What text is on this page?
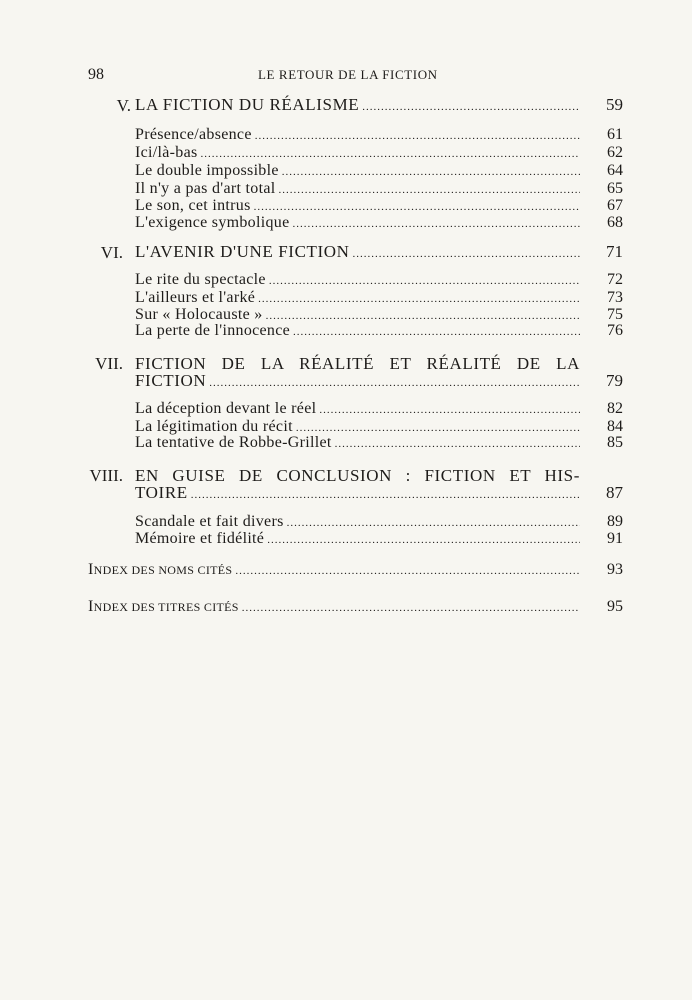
98	LE RETOUR DE LA FICTION
V. LA FICTION DU RÉALISME .....	59
Présence/absence .....	61
Ici/là-bas .....	62
Le double impossible .....	64
Il n'y a pas d'art total .....	65
Le son, cet intrus .....	67
L'exigence symbolique .....	68
VI. L'AVENIR D'UNE FICTION .....	71
Le rite du spectacle .....	72
L'ailleurs et l'arké .....	73
Sur « Holocauste » .....	75
La perte de l'innocence .....	76
VII. FICTION DE LA RÉALITÉ ET RÉALITÉ DE LA
FICTION .....	79
La déception devant le réel .....	82
La légitimation du récit .....	84
La tentative de Robbe-Grillet .....	85
VIII. EN GUISE DE CONCLUSION : FICTION ET HIS-
TOIRE .....	87
Scandale et fait divers .....	89
Mémoire et fidélité .....	91
INDEX DES NOMS CITÉS .....	93
INDEX DES TITRES CITÉS .....	95
